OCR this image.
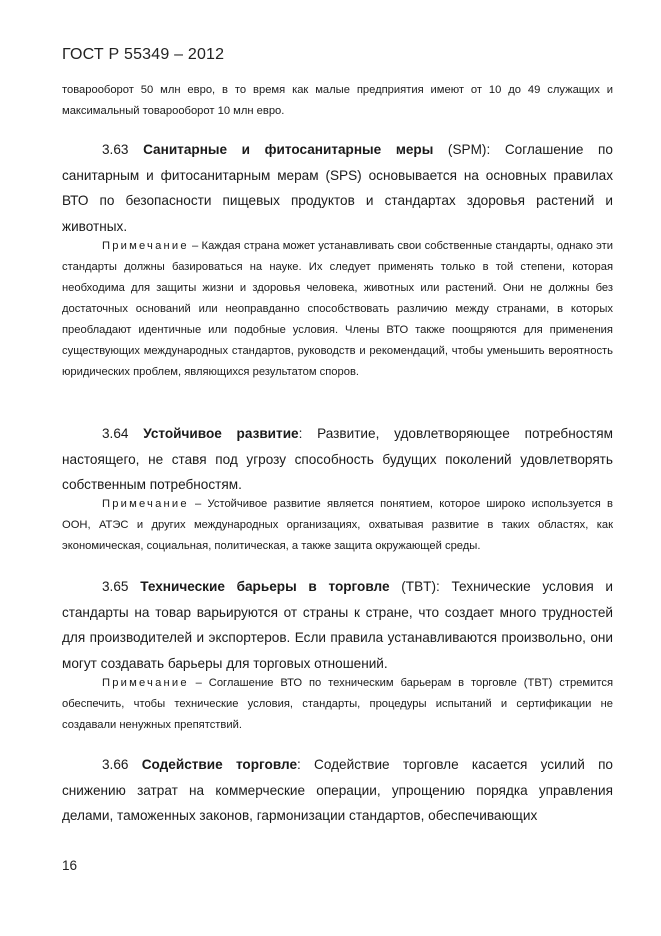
ГОСТ Р 55349 – 2012

товарооборот 50 млн евро, в то время как малые предприятия имеют от 10 до 49 служащих и максимальный товарооборот 10 млн евро.

3.63 Санитарные и фитосанитарные меры (SPM): Соглашение по санитарным и фитосанитарным мерам (SPS) основывается на основных правилах ВТО по безопасности пищевых продуктов и стандартах здоровья растений и животных.

Примечание – Каждая страна может устанавливать свои собственные стандарты, однако эти стандарты должны базироваться на науке. Их следует применять только в той степени, которая необходима для защиты жизни и здоровья человека, животных или растений. Они не должны без достаточных оснований или неоправданно способствовать различию между странами, в которых преобладают идентичные или подобные условия. Члены ВТО также поощряются для применения существующих международных стандартов, руководств и рекомендаций, чтобы уменьшить вероятность юридических проблем, являющихся результатом споров.

3.64 Устойчивое развитие: Развитие, удовлетворяющее потребностям настоящего, не ставя под угрозу способность будущих поколений удовлетворять собственным потребностям.

Примечание – Устойчивое развитие является понятием, которое широко используется в ООН, АТЭС и других международных организациях, охватывая развитие в таких областях, как экономическая, социальная, политическая, а также защита окружающей среды.

3.65 Технические барьеры в торговле (TBT): Технические условия и стандарты на товар варьируются от страны к стране, что создает много трудностей для производителей и экспортеров. Если правила устанавливаются произвольно, они могут создавать барьеры для торговых отношений.

Примечание – Соглашение ВТО по техническим барьерам в торговле (TBT) стремится обеспечить, чтобы технические условия, стандарты, процедуры испытаний и сертификации не создавали ненужных препятствий.

3.66 Содействие торговле: Содействие торговле касается усилий по снижению затрат на коммерческие операции, упрощению порядка управления делами, таможенных законов, гармонизации стандартов, обеспечивающих

16
